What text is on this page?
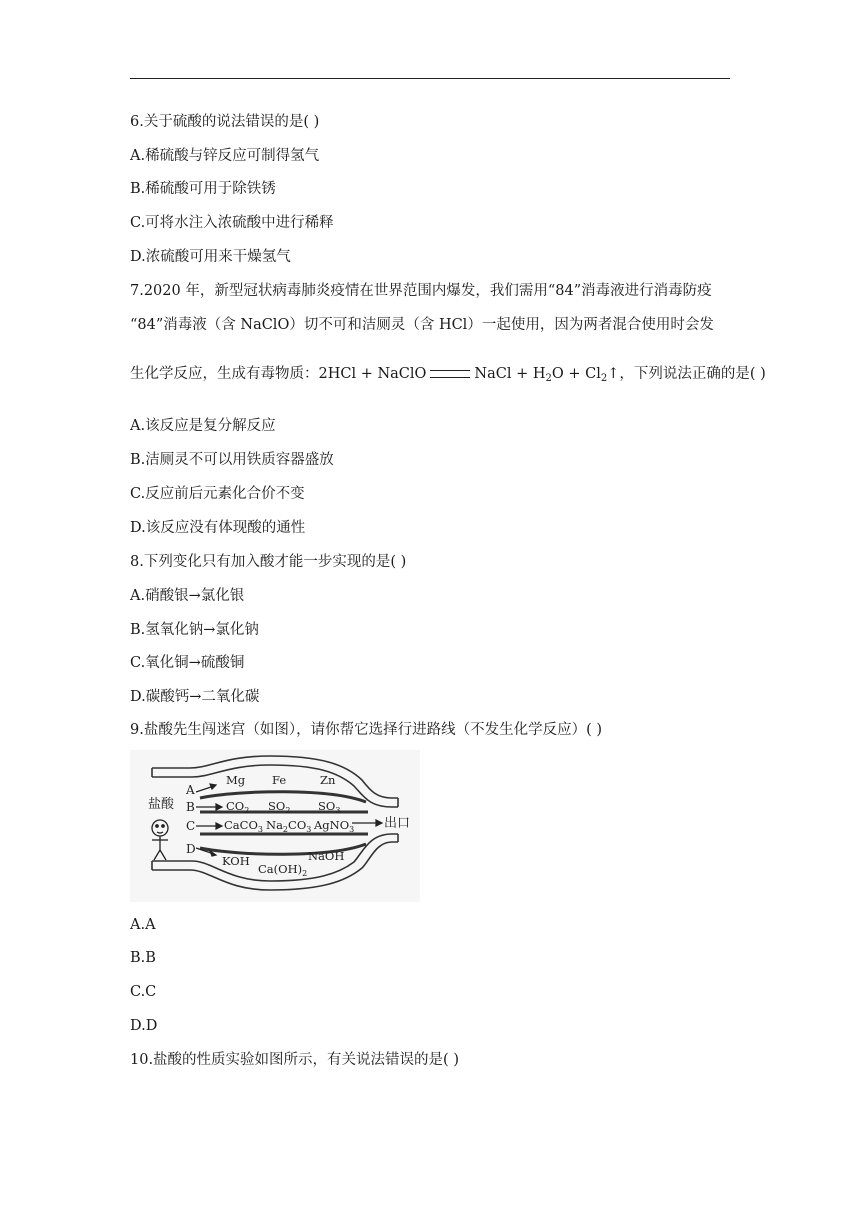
6.关于硫酸的说法错误的是( )
A.稀硫酸与锌反应可制得氢气
B.稀硫酸可用于除铁锈
C.可将水注入浓硫酸中进行稀释
D.浓硫酸可用来干燥氢气
7.2020 年，新型冠状病毒肺炎疫情在世界范围内爆发，我们需用“84”消毒液进行消毒防疫
“84”消毒液（含 NaClO）切不可和洁厕灵（含 HCl）一起使用，因为两者混合使用时会发
生化学反应，生成有毒物质：2HCl + NaClO	NaCl + $H_2O$ + $Cl_2↑$，下列说法正确的是( )
A.该反应是复分解反应
B.洁厕灵不可以用铁质容器盛放
C.反应前后元素化合价不变
D.该反应没有体现酸的通性
8.下列变化只有加入酸才能一步实现的是( )
A.硝酸银→氯化银
B.氢氧化钠→氯化钠
C.氧化铜→硫酸铜
D.碳酸钙→二氧化碳
9.盐酸先生闯迷宫（如图），请你帮它选择行进路线（不发生化学反应）( )
盐酸
A
B
C
D
Mg Fe	Zn
$CO_2$ $SO_2$ $SO_3$
CaCO$_3$ $Na_2CO_3$ AgNO$_3$
KOH
$Ca(OH)_2$
NaOH
出口
A.A
B.B
C.C
D.D
10.盐酸的性质实验如图所示，有关说法错误的是( )
